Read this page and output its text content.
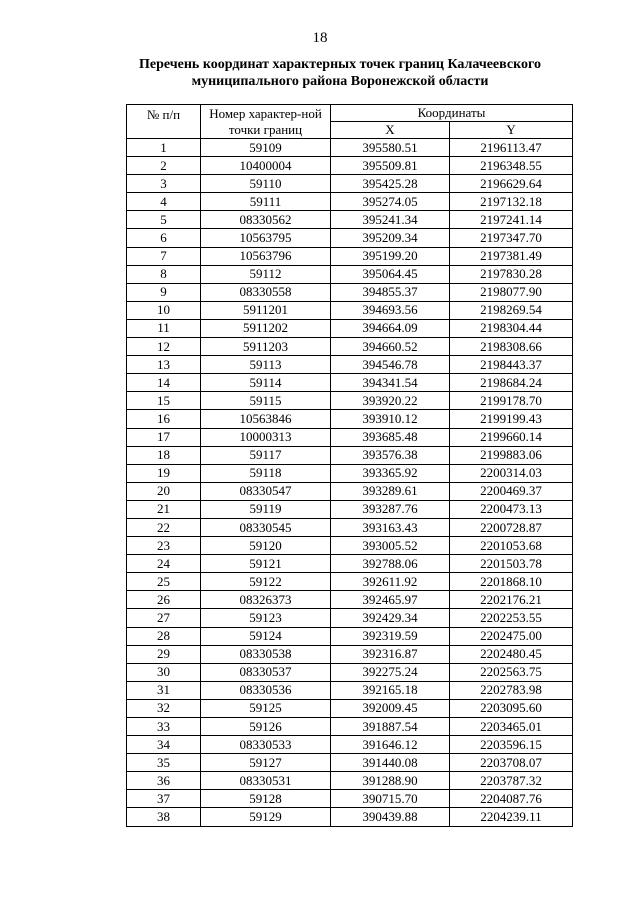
18
Перечень координат характерных точек границ Калачеевского
муниципального района Воронежской области
№ п/п	Номер характер-ной точки границ	Координаты	
		X	Y
1	59109	395580.51	2196113.47
2	10400004	395509.81	2196348.55
3	59110	395425.28	2196629.64
4	59111	395274.05	2197132.18
5	08330562	395241.34	2197241.14
6	10563795	395209.34	2197347.70
7	10563796	395199.20	2197381.49
8	59112	395064.45	2197830.28
9	08330558	394855.37	2198077.90
10	5911201	394693.56	2198269.54
11	5911202	394664.09	2198304.44
12	5911203	394660.52	2198308.66
13	59113	394546.78	2198443.37
14	59114	394341.54	2198684.24
15	59115	393920.22	2199178.70
16	10563846	393910.12	2199199.43
17	10000313	393685.48	2199660.14
18	59117	393576.38	2199883.06
19	59118	393365.92	2200314.03
20	08330547	393289.61	2200469.37
21	59119	393287.76	2200473.13
22	08330545	393163.43	2200728.87
23	59120	393005.52	2201053.68
24	59121	392788.06	2201503.78
25	59122	392611.92	2201868.10
26	08326373	392465.97	2202176.21
27	59123	392429.34	2202253.55
28	59124	392319.59	2202475.00
29	08330538	392316.87	2202480.45
30	08330537	392275.24	2202563.75
31	08330536	392165.18	2202783.98
32	59125	392009.45	2203095.60
33	59126	391887.54	2203465.01
34	08330533	391646.12	2203596.15
35	59127	391440.08	2203708.07
36	08330531	391288.90	2203787.32
37	59128	390715.70	2204087.76
38	59129	390439.88	2204239.11
